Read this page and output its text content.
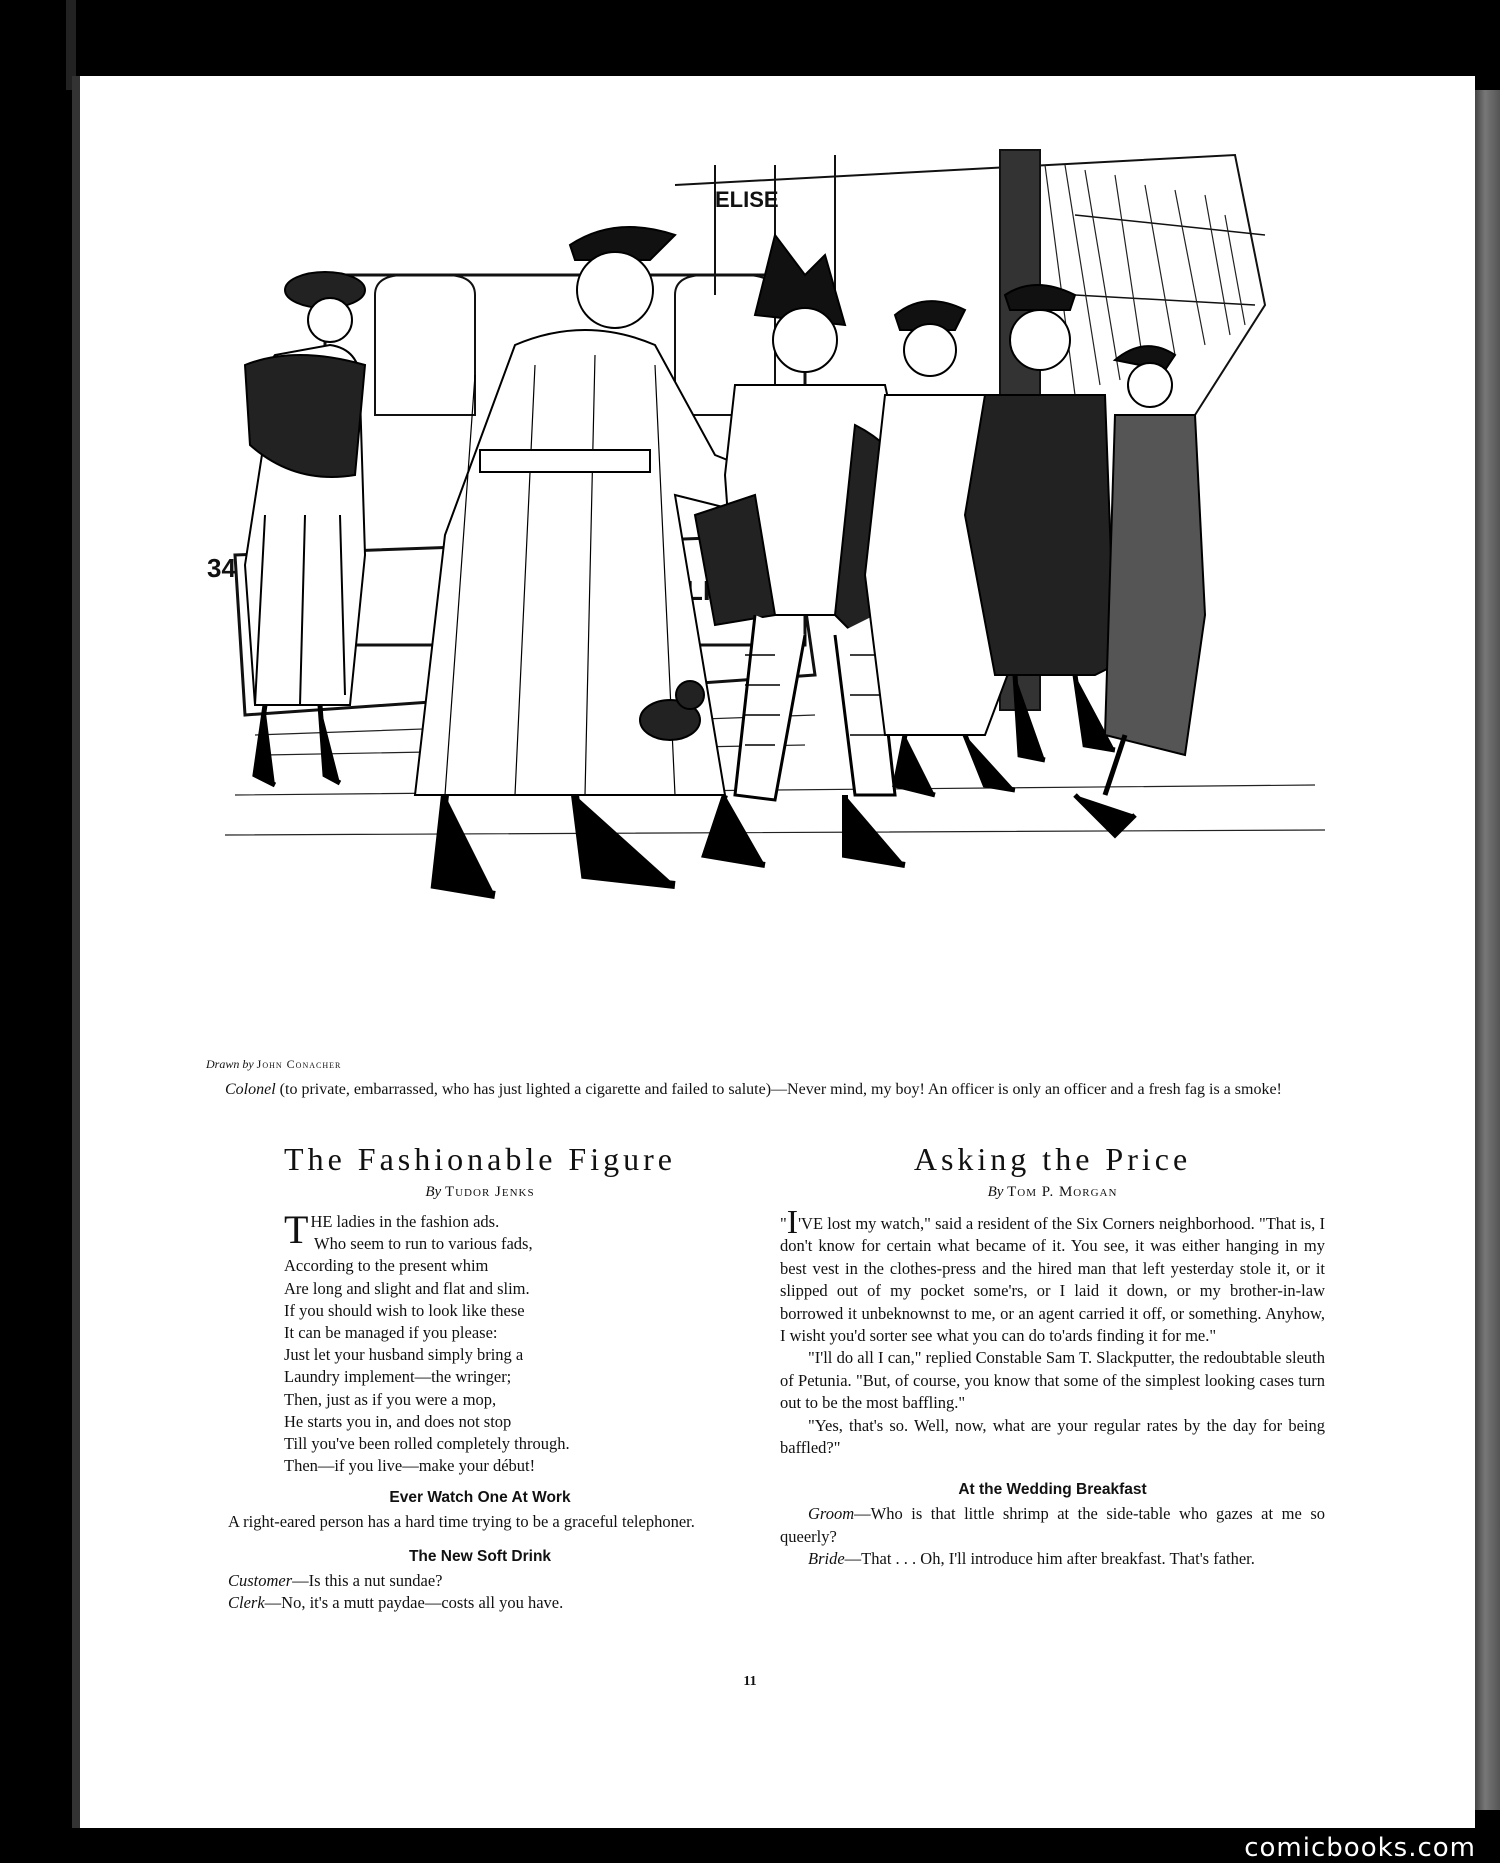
ELISE
34
Drawn by John Conacher
Colonel (to private, embarrassed, who has just lighted a cigarette and failed to salute)—Never mind, my boy! An officer is only an officer and a fresh fag is a smoke!
The Fashionable Figure
By Tudor Jenks
T HE ladies in the fashion ads.
Who seem to run to various fads,
According to the present whim
Are long and slight and flat and slim.
If you should wish to look like these
It can be managed if you please:
Just let your husband simply bring a
Laundry implement—the wringer;
Then, just as if you were a mop,
He starts you in, and does not stop
Till you've been rolled completely through.
Then—if you live—make your début!
Ever Watch One At Work
A right-eared person has a hard time trying to be a graceful telephoner.
The New Soft Drink
Customer—Is this a nut sundae?
Clerk—No, it's a mutt paydae—costs all you have.
Asking the Price
By Tom P. Morgan

"I'VE lost my watch," said a resident of the Six Corners neighborhood. "That is, I don't know for certain what became of it. You see, it was either hanging in my best vest in the clothes-press and the hired man that left yesterday stole it, or it slipped out of my pocket some'rs, or I laid it down, or my brother-in-law borrowed it unbeknownst to me, or an agent carried it off, or something. Anyhow, I wisht you'd sorter see what you can do to'ards finding it for me."

"I'll do all I can," replied Constable Sam T. Slackputter, the redoubtable sleuth of Petunia. "But, of course, you know that some of the simplest looking cases turn out to be the most baffling."

"Yes, that's so. Well, now, what are your regular rates by the day for being baffled?"

At the Wedding Breakfast

Groom—Who is that little shrimp at the side-table who gazes at me so queerly?

Bride—That . . . Oh, I'll introduce him after breakfast. That's father.

11
comicbooks.com
